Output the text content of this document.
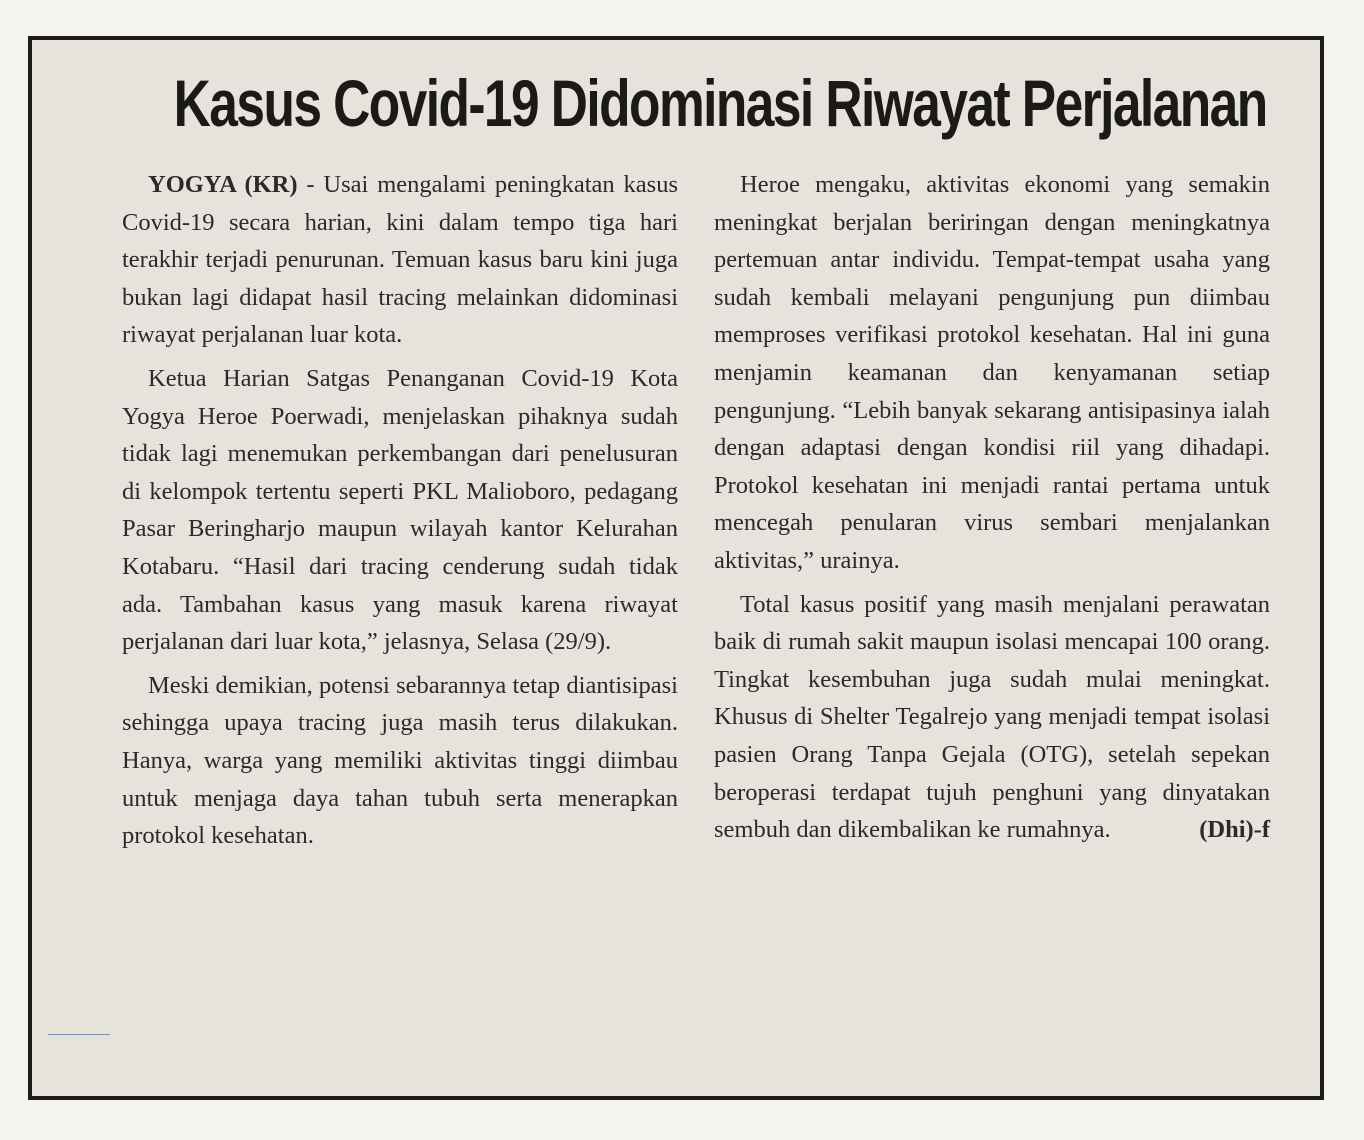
Kasus Covid-19 Didominasi Riwayat Perjalanan

YOGYA (KR) - Usai mengalami peningkatan kasus Covid-19 secara harian, kini dalam tempo tiga hari terakhir terjadi penurunan. Temuan kasus baru kini juga bukan lagi didapat hasil tracing melainkan didominasi riwayat perjalanan luar kota.

Ketua Harian Satgas Penanganan Covid-19 Kota Yogya Heroe Poerwadi, menjelaskan pihaknya sudah tidak lagi menemukan perkembangan dari penelusuran di kelompok tertentu seperti PKL Malioboro, pedagang Pasar Beringharjo maupun wilayah kantor Kelurahan Kotabaru. “Hasil dari tracing cenderung sudah tidak ada. Tambahan kasus yang masuk karena riwayat perjalanan dari luar kota,” jelasnya, Selasa (29/9).

Meski demikian, potensi sebarannya tetap diantisipasi sehingga upaya tracing juga masih terus dilakukan. Hanya, warga yang memiliki aktivitas tinggi diimbau untuk menjaga daya tahan tubuh serta menerapkan protokol kesehatan.

Heroe mengaku, aktivitas ekonomi yang semakin meningkat berjalan beriringan dengan meningkatnya pertemuan antar individu. Tempat-tempat usaha yang sudah kembali melayani pengunjung pun diimbau memproses verifikasi protokol kesehatan. Hal ini guna menjamin keamanan dan kenyamanan setiap pengunjung. “Lebih banyak sekarang antisipasinya ialah dengan adaptasi dengan kondisi riil yang dihadapi. Protokol kesehatan ini menjadi rantai pertama untuk mencegah penularan virus sembari menjalankan aktivitas,” urainya.

Total kasus positif yang masih menjalani perawatan baik di rumah sakit maupun isolasi mencapai 100 orang. Tingkat kesembuhan juga sudah mulai meningkat. Khusus di Shelter Tegalrejo yang menjadi tempat isolasi pasien Orang Tanpa Gejala (OTG), setelah sepekan beroperasi terdapat tujuh penghuni yang dinyatakan sembuh dan dikembalikan ke rumahnya.	(Dhi)-f
